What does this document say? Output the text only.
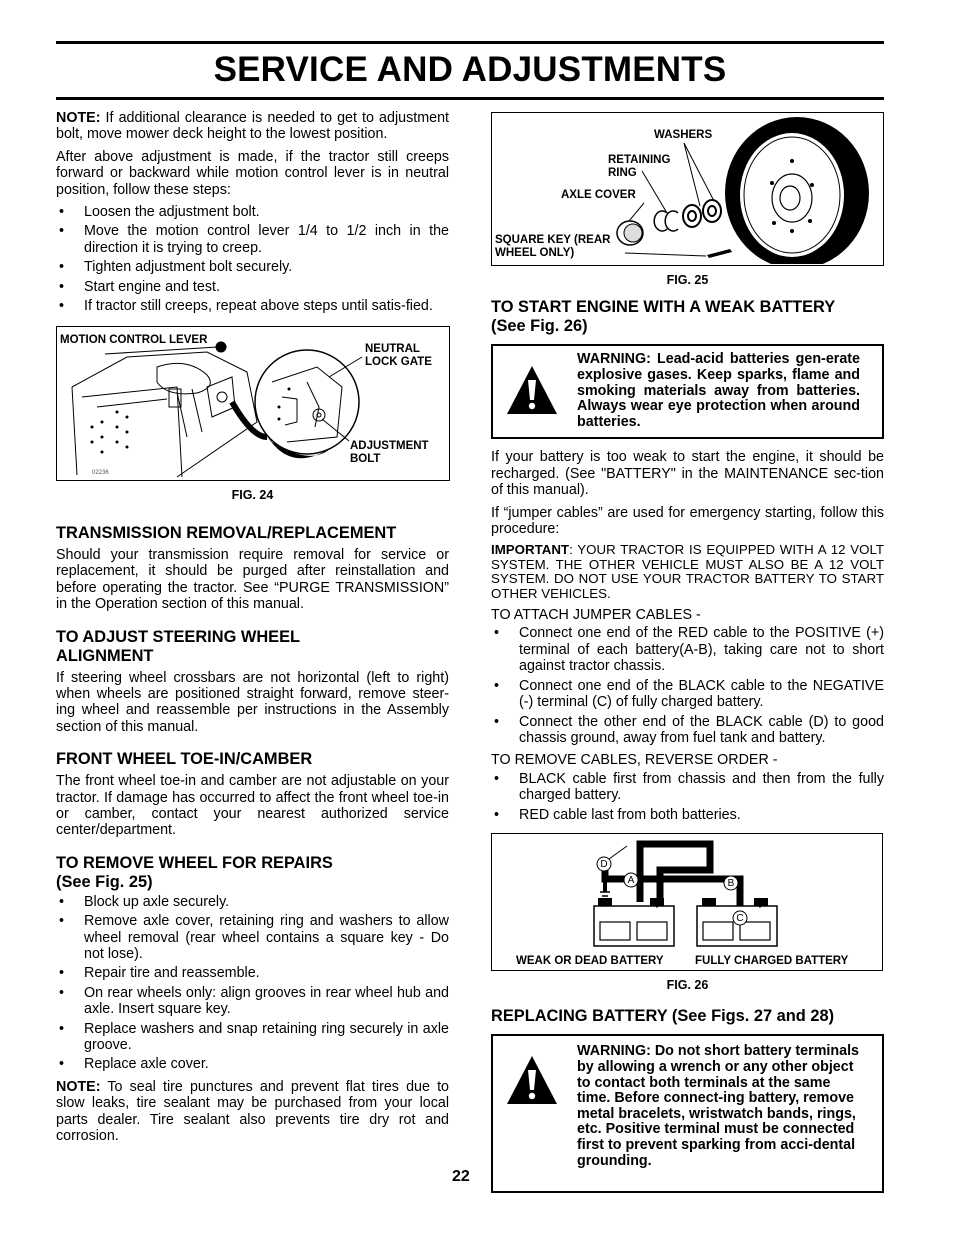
SERVICE AND ADJUSTMENTS

NOTE: If additional clearance is needed to get to adjustment bolt, move mower deck height to the lowest position.

After above adjustment is made, if the tractor still creeps forward or backward while motion control lever is in neutral position, follow these steps:

• Loosen the adjustment bolt.
• Move the motion control lever 1/4 to 1/2 inch in the direction it is trying to creep.
• Tighten adjustment bolt securely.
• Start engine and test.
• If tractor still creeps, repeat above steps until satis-fied.
MOTION CONTROL LEVER
NEUTRAL LOCK GATE
ADJUSTMENT BOLT
02236
FIG. 24
TRANSMISSION REMOVAL/REPLACEMENT

Should your transmission require removal for service or replacement, it should be purged after reinstallation and before operating the tractor. See “PURGE TRANSMISSION” in the Operation section of this manual.

TO ADJUST STEERING WHEEL ALIGNMENT

If steering wheel crossbars are not horizontal (left to right) when wheels are positioned straight forward, remove steer-ing wheel and reassemble per instructions in the Assembly section of this manual.

FRONT WHEEL TOE-IN/CAMBER

The front wheel toe-in and camber are not adjustable on your tractor. If damage has occurred to affect the front wheel toe-in or camber, contact your nearest authorized service center/department.

TO REMOVE WHEEL FOR REPAIRS
(See Fig. 25)
• Block up axle securely.
• Remove axle cover, retaining ring and washers to allow wheel removal (rear wheel contains a square key - Do not lose).
• Repair tire and reassemble.
• On rear wheels only: align grooves in rear wheel hub and axle. Insert square key.
• Replace washers and snap retaining ring securely in axle groove.
• Replace axle cover.

NOTE: To seal tire punctures and prevent flat tires due to slow leaks, tire sealant may be purchased from your local parts dealer. Tire sealant also prevents tire dry rot and corrosion.

WASHERS
RETAINING RING
AXLE COVER
SQUARE KEY (REAR WHEEL ONLY)
FIG. 25
TO START ENGINE WITH A WEAK BATTERY
(See Fig. 26)
WARNING: Lead-acid batteries gen-erate explosive gases. Keep sparks, flame and smoking materials away from batteries. Always wear eye protection when around batteries.

If your battery is too weak to start the engine, it should be recharged. (See "BATTERY" in the MAINTENANCE sec-tion of this manual).

If “jumper cables” are used for emergency starting, follow this procedure:

IMPORTANT: YOUR TRACTOR IS EQUIPPED WITH A 12 VOLT SYSTEM. THE OTHER VEHICLE MUST ALSO BE A 12 VOLT SYSTEM. DO NOT USE YOUR TRACTOR BATTERY TO START OTHER VEHICLES.

TO ATTACH JUMPER CABLES -

• Connect one end of the RED cable to the POSITIVE (+) terminal of each battery(A-B), taking care not to short against tractor chassis.
• Connect one end of the BLACK cable to the NEGATIVE (-) terminal (C) of fully charged battery.
• Connect the other end of the BLACK cable (D) to good chassis ground, away from fuel tank and battery.

TO REMOVE CABLES, REVERSE ORDER -

• BLACK cable first from chassis and then from the fully charged battery.
• RED cable last from both batteries.
D
A	B
C
− + − +
WEAK OR DEAD BATTERY	FULLY CHARGED BATTERY
FIG. 26
REPLACING BATTERY (See Figs. 27 and 28)
WARNING: Do not short battery terminals by allowing a wrench or any other object to contact both terminals at the same time. Before connect-ing battery, remove metal bracelets, wristwatch bands, rings, etc. Positive terminal must be connected first to prevent sparking from acci-dental grounding.
22
